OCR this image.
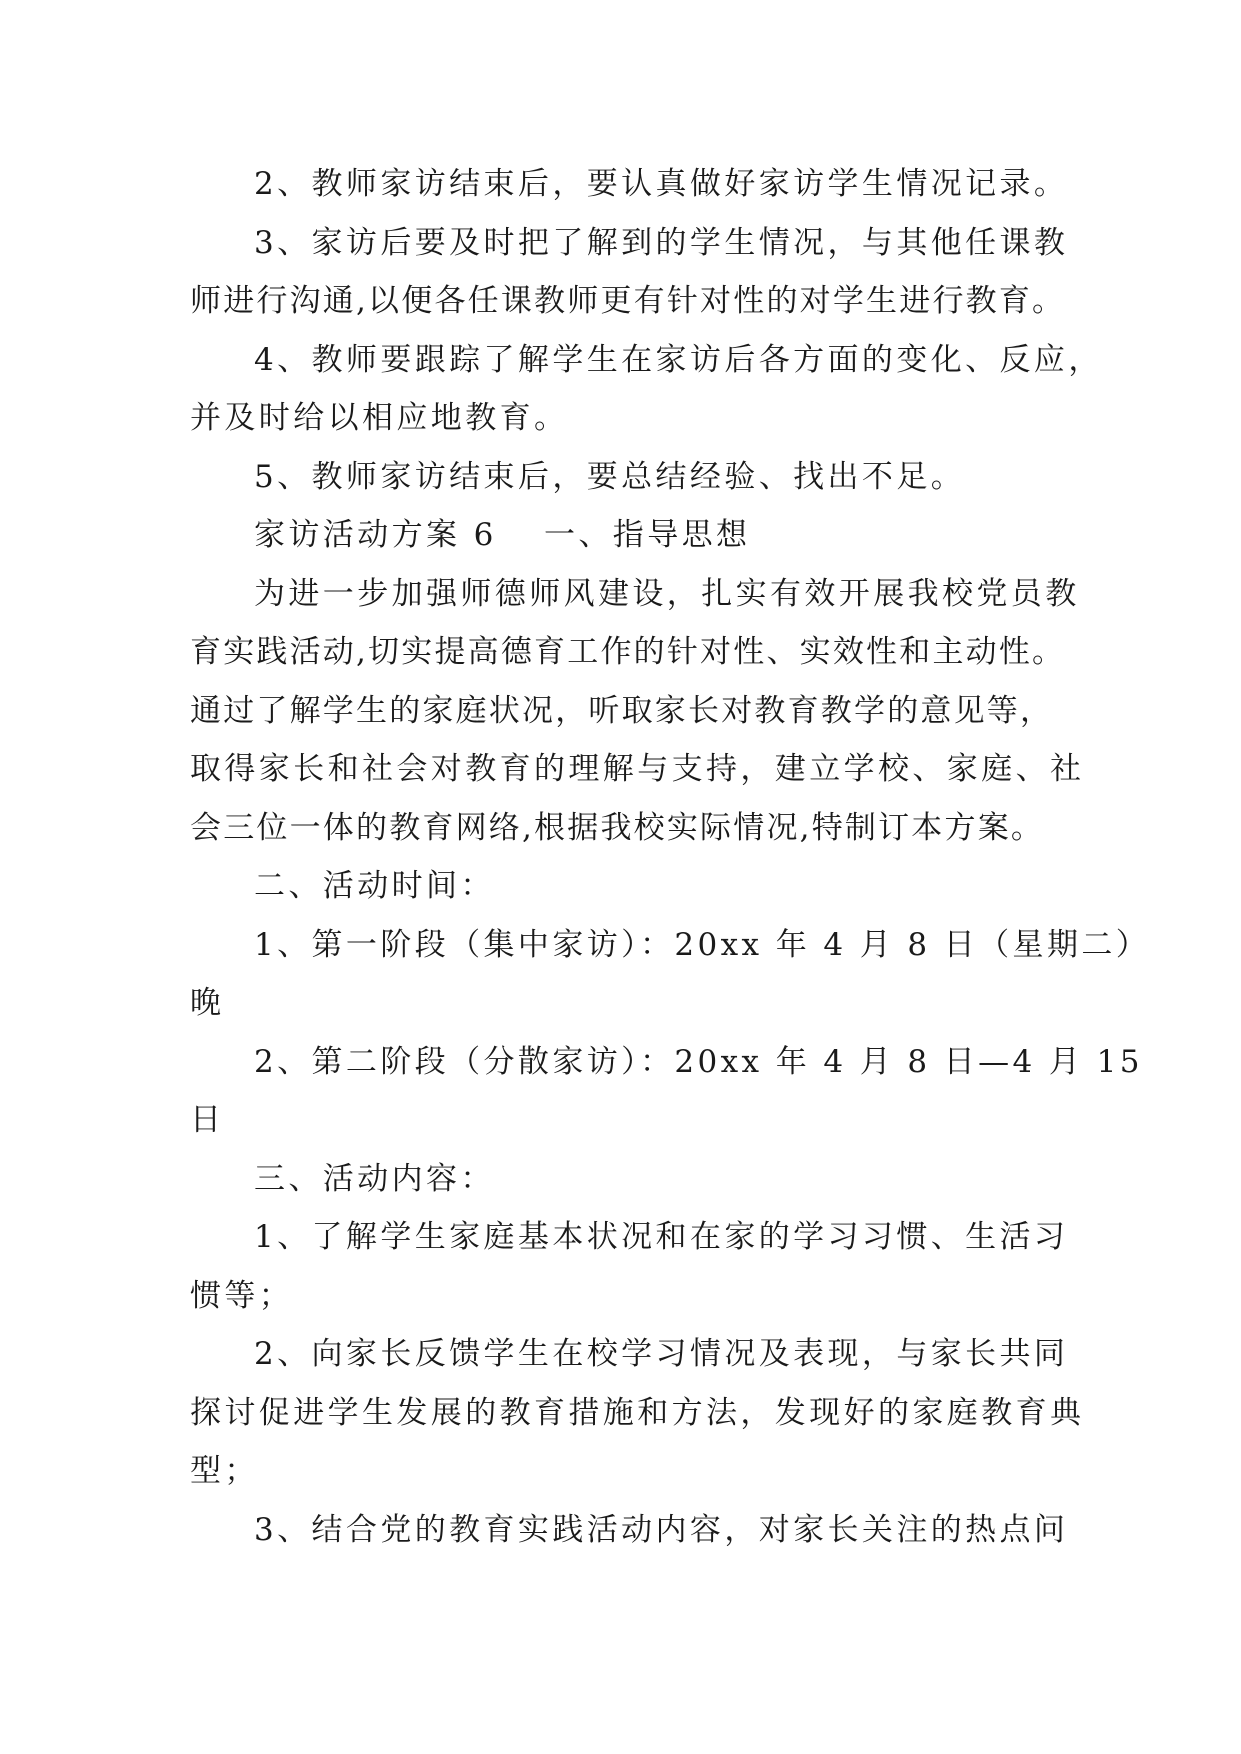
2、教师家访结束后，要认真做好家访学生情况记录。
3、家访后要及时把了解到的学生情况，与其他任课教
师进行沟通,以便各任课教师更有针对性的对学生进行教育。
4、教师要跟踪了解学生在家访后各方面的变化、反应，
并及时给以相应地教育。
5、教师家访结束后，要总结经验、找出不足。
家访活动方案 6 一、指导思想
为进一步加强师德师风建设，扎实有效开展我校党员教
育实践活动,切实提高德育工作的针对性、实效性和主动性。
通过了解学生的家庭状况，听取家长对教育教学的意见等，
取得家长和社会对教育的理解与支持，建立学校、家庭、社
会三位一体的教育网络,根据我校实际情况,特制订本方案。
二、活动时间：
1、第一阶段（集中家访）：20xx 年 4 月 8 日（星期二）
晚
2、第二阶段（分散家访）：20xx 年 4 月 8 日—4 月 15
日
三、活动内容：
1、了解学生家庭基本状况和在家的学习习惯、生活习
惯等；
2、向家长反馈学生在校学习情况及表现，与家长共同
探讨促进学生发展的教育措施和方法，发现好的家庭教育典
型；
3、结合党的教育实践活动内容，对家长关注的热点问
